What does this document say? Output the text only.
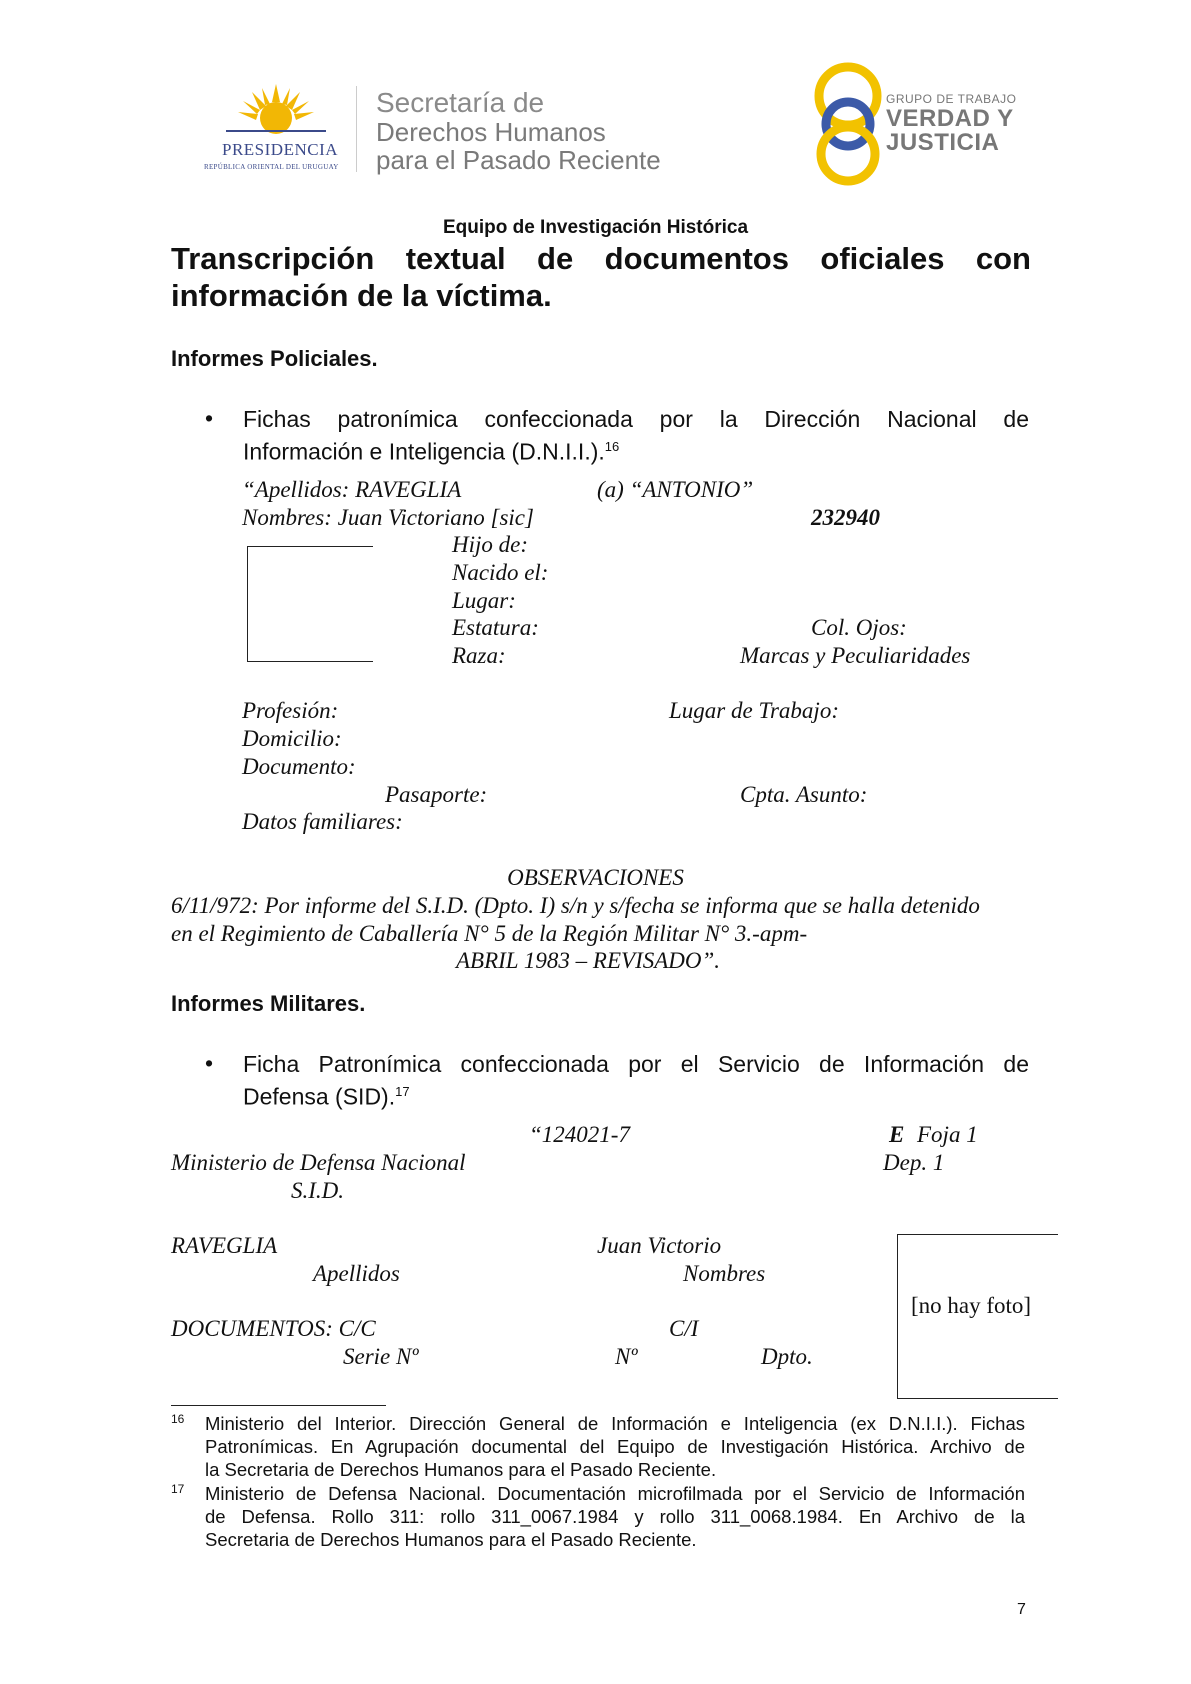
PRESIDENCIA
REPÚBLICA ORIENTAL DEL URUGUAY
Secretaría de
Derechos Humanos
para el Pasado Reciente
GRUPO DE TRABAJO
VERDAD Y
JUSTICIA
Equipo de Investigación Histórica
Transcripción textual de documentos oficiales con
información de la víctima.
Informes Policiales.
• Fichas patronímica confeccionada por la Dirección Nacional de
Información e Inteligencia (D.N.I.I.).$^{16}$
“Apellidos: RAVEGLIA	(a) “ANTONIO”
Nombres: Juan Victoriano [sic]	232940
Hijo de:
Nacido el:
Lugar:
Estatura:	Col. Ojos:
Raza:	Marcas y Peculiaridades
Profesión:	Lugar de Trabajo:
Domicilio:
Documento:
Pasaporte:	Cpta. Asunto:
Datos familiares:
OBSERVACIONES
6/11/972: Por informe del S.I.D. (Dpto. I) s/n y s/fecha se informa que se halla detenido
en el Regimiento de Caballería N° 5 de la Región Militar N° 3.-apm-
ABRIL 1983 – REVISADO”.
Informes Militares.
• Ficha Patronímica confeccionada por el Servicio de Información de
Defensa (SID).$^{17}$
“124021-7	E Foja 1
Ministerio de Defensa Nacional	Dep. 1
S.I.D.
RAVEGLIA	Juan Victorio
Apellidos	Nombres
[no hay foto]
DOCUMENTOS: C/C	C/I
Serie Nº	Nº	Dpto.
16 Ministerio del Interior. Dirección General de Información e Inteligencia (ex D.N.I.I.). Fichas
Patronímicas. En Agrupación documental del Equipo de Investigación Histórica. Archivo de
la Secretaria de Derechos Humanos para el Pasado Reciente.
17 Ministerio de Defensa Nacional. Documentación microfilmada por el Servicio de Información
de Defensa. Rollo 311: rollo 311_0067.1984 y rollo 311_0068.1984. En Archivo de la
Secretaria de Derechos Humanos para el Pasado Reciente.
7
